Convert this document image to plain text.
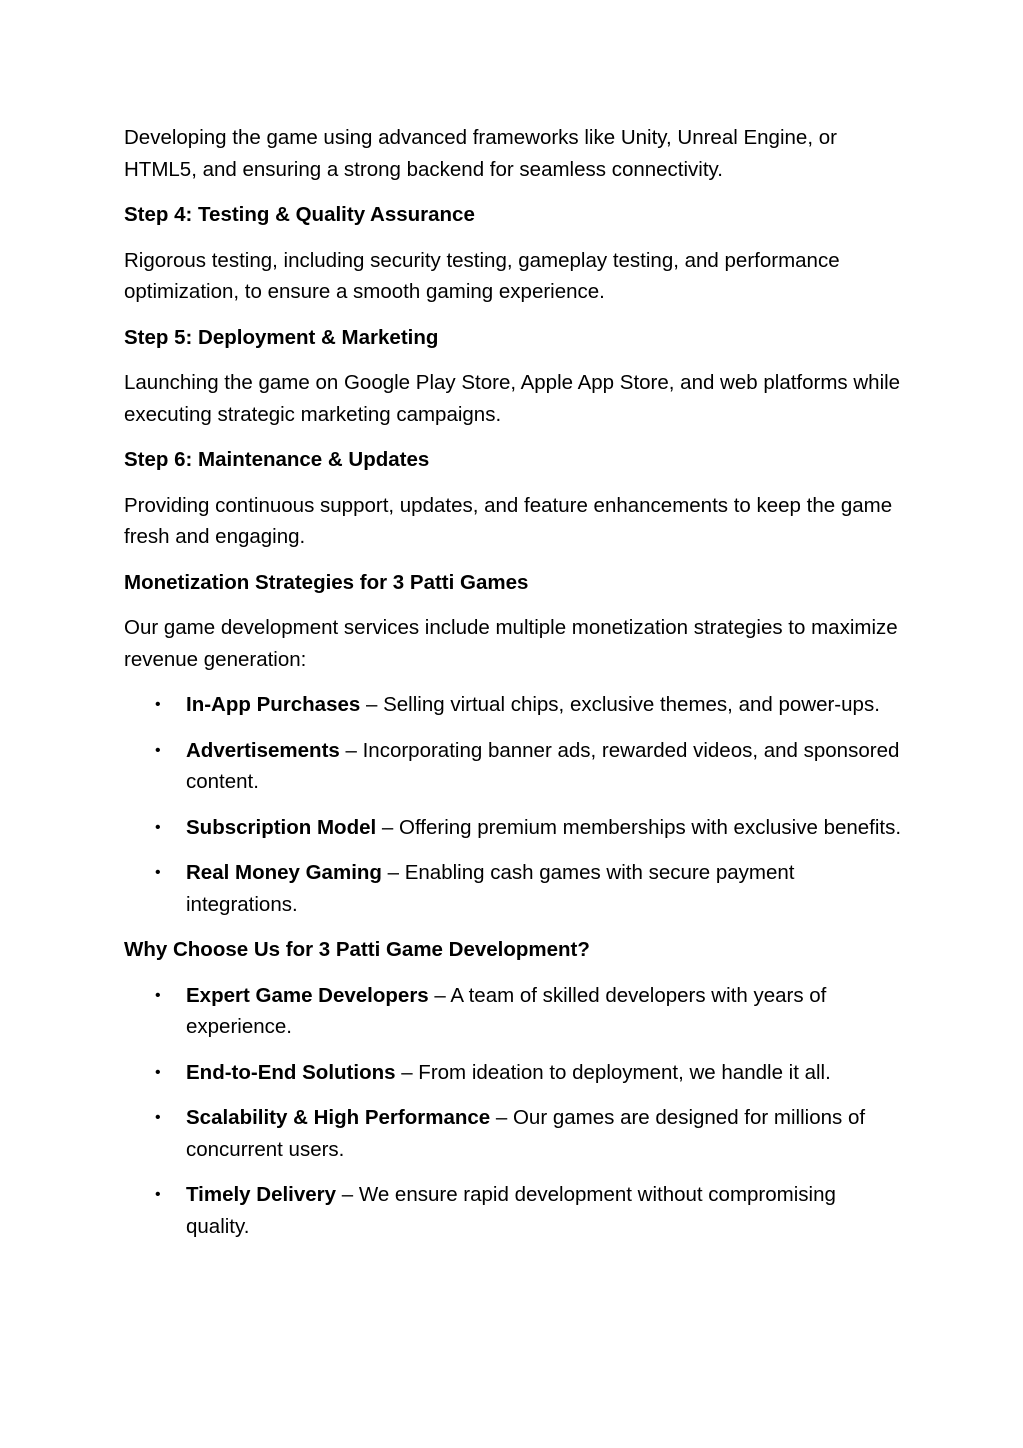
Developing the game using advanced frameworks like Unity, Unreal Engine, or HTML5, and ensuring a strong backend for seamless connectivity.

Step 4: Testing & Quality Assurance

Rigorous testing, including security testing, gameplay testing, and performance optimization, to ensure a smooth gaming experience.

Step 5: Deployment & Marketing

Launching the game on Google Play Store, Apple App Store, and web platforms while executing strategic marketing campaigns.

Step 6: Maintenance & Updates

Providing continuous support, updates, and feature enhancements to keep the game fresh and engaging.

Monetization Strategies for 3 Patti Games

Our game development services include multiple monetization strategies to maximize revenue generation:

• In-App Purchases – Selling virtual chips, exclusive themes, and power-ups.
• Advertisements – Incorporating banner ads, rewarded videos, and sponsored content.
• Subscription Model – Offering premium memberships with exclusive benefits.
• Real Money Gaming – Enabling cash games with secure payment integrations.
Why Choose Us for 3 Patti Game Development?
• Expert Game Developers – A team of skilled developers with years of experience.
• End-to-End Solutions – From ideation to deployment, we handle it all.
• Scalability & High Performance – Our games are designed for millions of concurrent users.
• Timely Delivery – We ensure rapid development without compromising quality.
